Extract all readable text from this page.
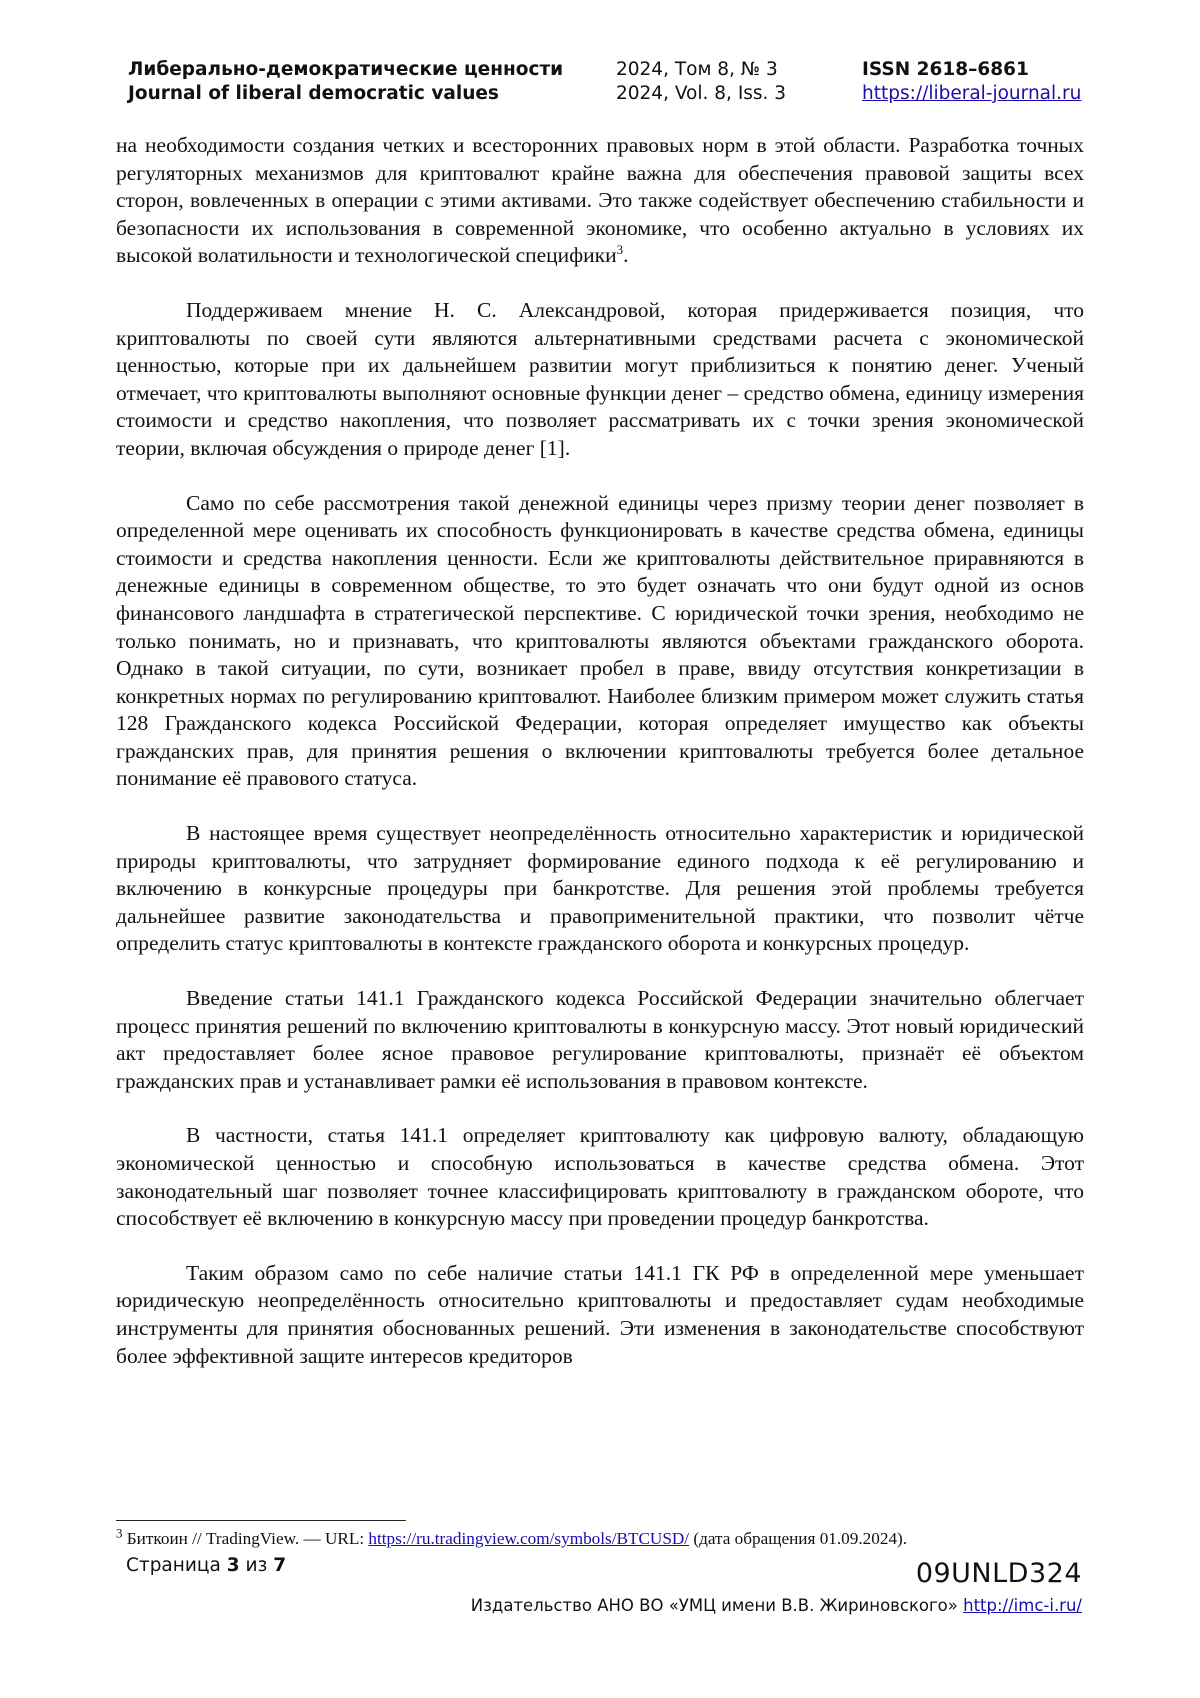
Либерально-демократические ценности
Journal of liberal democratic values
2024, Том 8, № 3
2024, Vol. 8, Iss. 3
ISSN 2618–6861
https://liberal-journal.ru

на необходимости создания четких и всесторонних правовых норм в этой области. Разработка точных регуляторных механизмов для криптовалют крайне важна для обеспечения правовой защиты всех сторон, вовлеченных в операции с этими активами. Это также содействует обеспечению стабильности и безопасности их использования в современной экономике, что особенно актуально в условиях их высокой волатильности и технологической специфики$^3$.

Поддерживаем мнение Н. С. Александровой, которая придерживается позиция, что криптовалюты по своей сути являются альтернативными средствами расчета с экономической ценностью, которые при их дальнейшем развитии могут приблизиться к понятию денег. Ученый отмечает, что криптовалюты выполняют основные функции денег – средство обмена, единицу измерения стоимости и средство накопления, что позволяет рассматривать их с точки зрения экономической теории, включая обсуждения о природе денег [1].

Само по себе рассмотрения такой денежной единицы через призму теории денег позволяет в определенной мере оценивать их способность функционировать в качестве средства обмена, единицы стоимости и средства накопления ценности. Если же криптовалюты действительное приравняются в денежные единицы в современном обществе, то это будет означать что они будут одной из основ финансового ландшафта в стратегической перспективе. С юридической точки зрения, необходимо не только понимать, но и признавать, что криптовалюты являются объектами гражданского оборота. Однако в такой ситуации, по сути, возникает пробел в праве, ввиду отсутствия конкретизации в конкретных нормах по регулированию криптовалют. Наиболее близким примером может служить статья 128 Гражданского кодекса Российской Федерации, которая определяет имущество как объекты гражданских прав, для принятия решения о включении криптовалюты требуется более детальное понимание её правового статуса.

В настоящее время существует неопределённость относительно характеристик и юридической природы криптовалюты, что затрудняет формирование единого подхода к её регулированию и включению в конкурсные процедуры при банкротстве. Для решения этой проблемы требуется дальнейшее развитие законодательства и правоприменительной практики, что позволит чётче определить статус криптовалюты в контексте гражданского оборота и конкурсных процедур.

Введение статьи 141.1 Гражданского кодекса Российской Федерации значительно облегчает процесс принятия решений по включению криптовалюты в конкурсную массу. Этот новый юридический акт предоставляет более ясное правовое регулирование криптовалюты, признаёт её объектом гражданских прав и устанавливает рамки её использования в правовом контексте.

В частности, статья 141.1 определяет криптовалюту как цифровую валюту, обладающую экономической ценностью и способную использоваться в качестве средства обмена. Этот законодательный шаг позволяет точнее классифицировать криптовалюту в гражданском обороте, что способствует её включению в конкурсную массу при проведении процедур банкротства.

Таким образом само по себе наличие статьи 141.1 ГК РФ в определенной мере уменьшает юридическую неопределённость относительно криптовалюты и предоставляет судам необходимые инструменты для принятия обоснованных решений. Эти изменения в законодательстве способствуют более эффективной защите интересов кредиторов

$^3$ Биткоин // TradingView. — URL: https://ru.tradingview.com/symbols/BTCUSD/ (дата обращения 01.09.2024).
Страница 3 из 7	09UNLD324
Издательство АНО ВО «УМЦ имени В.В. Жириновского» http://imc-i.ru/
